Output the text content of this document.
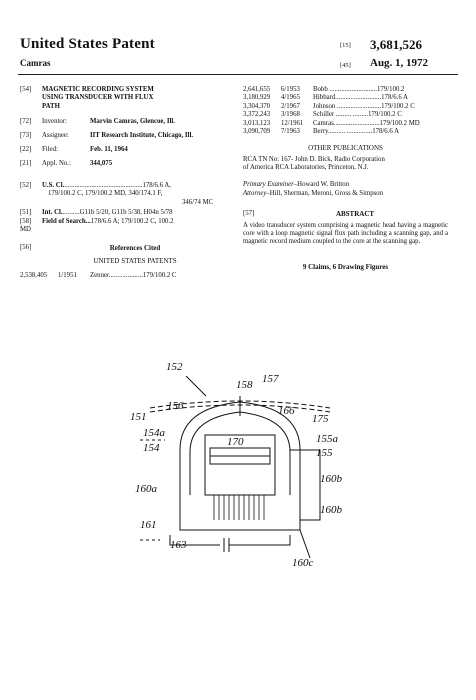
United States Patent
Camras
[15] 3,681,526
[45] Aug. 1, 1972
[54] MAGNETIC RECORDING SYSTEM
USING TRANSDUCER WITH FLUX
PATH
[72] Inventor:	Marvin Camras, Glencoe, Ill.
[73] Assignee:	IIT Research Institute, Chicago, Ill.
[22] Filed:	Feb. 11, 1964
[21] Appl. No.:	344,075
[52] U.S. Cl...............................................178/6.6 A,
179/100.2 C, 179/100.2 MD, 340/174.1 F,
346/74 MC
[51] Int. Cl...........G11b 5/20, G11b 5/38, H04n 5/78
[58] Field of Search...178/6.6 A; 179/100.2 C, 100.2
MD
[56]	References Cited
UNITED STATES PATENTS
2,538,405 1/1951 Zenner....................179/100.2 C
2,641,655 6/1953 Bobb ............................179/100.2
3,180,929 4/1965 Hibbard...........................178/6.6 A
3,304,370 2/1967 Johnson ..........................179/100.2 C
3,372,243 3/1968 Schiller ......... .........179/100.2 C
3,013,123 12/1961 Camras...........................179/100.2 MD
3,090,709 7/1963 Berry.......... ...............178/6.6 A
OTHER PUBLICATIONS
RCA TN No: 167- John D. Bick, Radio Corporation
of America RCA Laboratories, Princeton, N.J.
Primary Examiner–Howard W. Britton
Attorney–Hill, Sherman, Meroni, Gross & Simpson
[57]	ABSTRACT
A video transducer system comprising a magnetic head having a magnetic core with a loop magnetic signal flux path including a scanning gap, and a magnetic record medium coupled to the core at the scanning gap.
9 Claims, 6 Drawing Figures
152
158 157
151
156	166
175
154a
154	170	155a
155
160b
160a
160b
161
163
160c
